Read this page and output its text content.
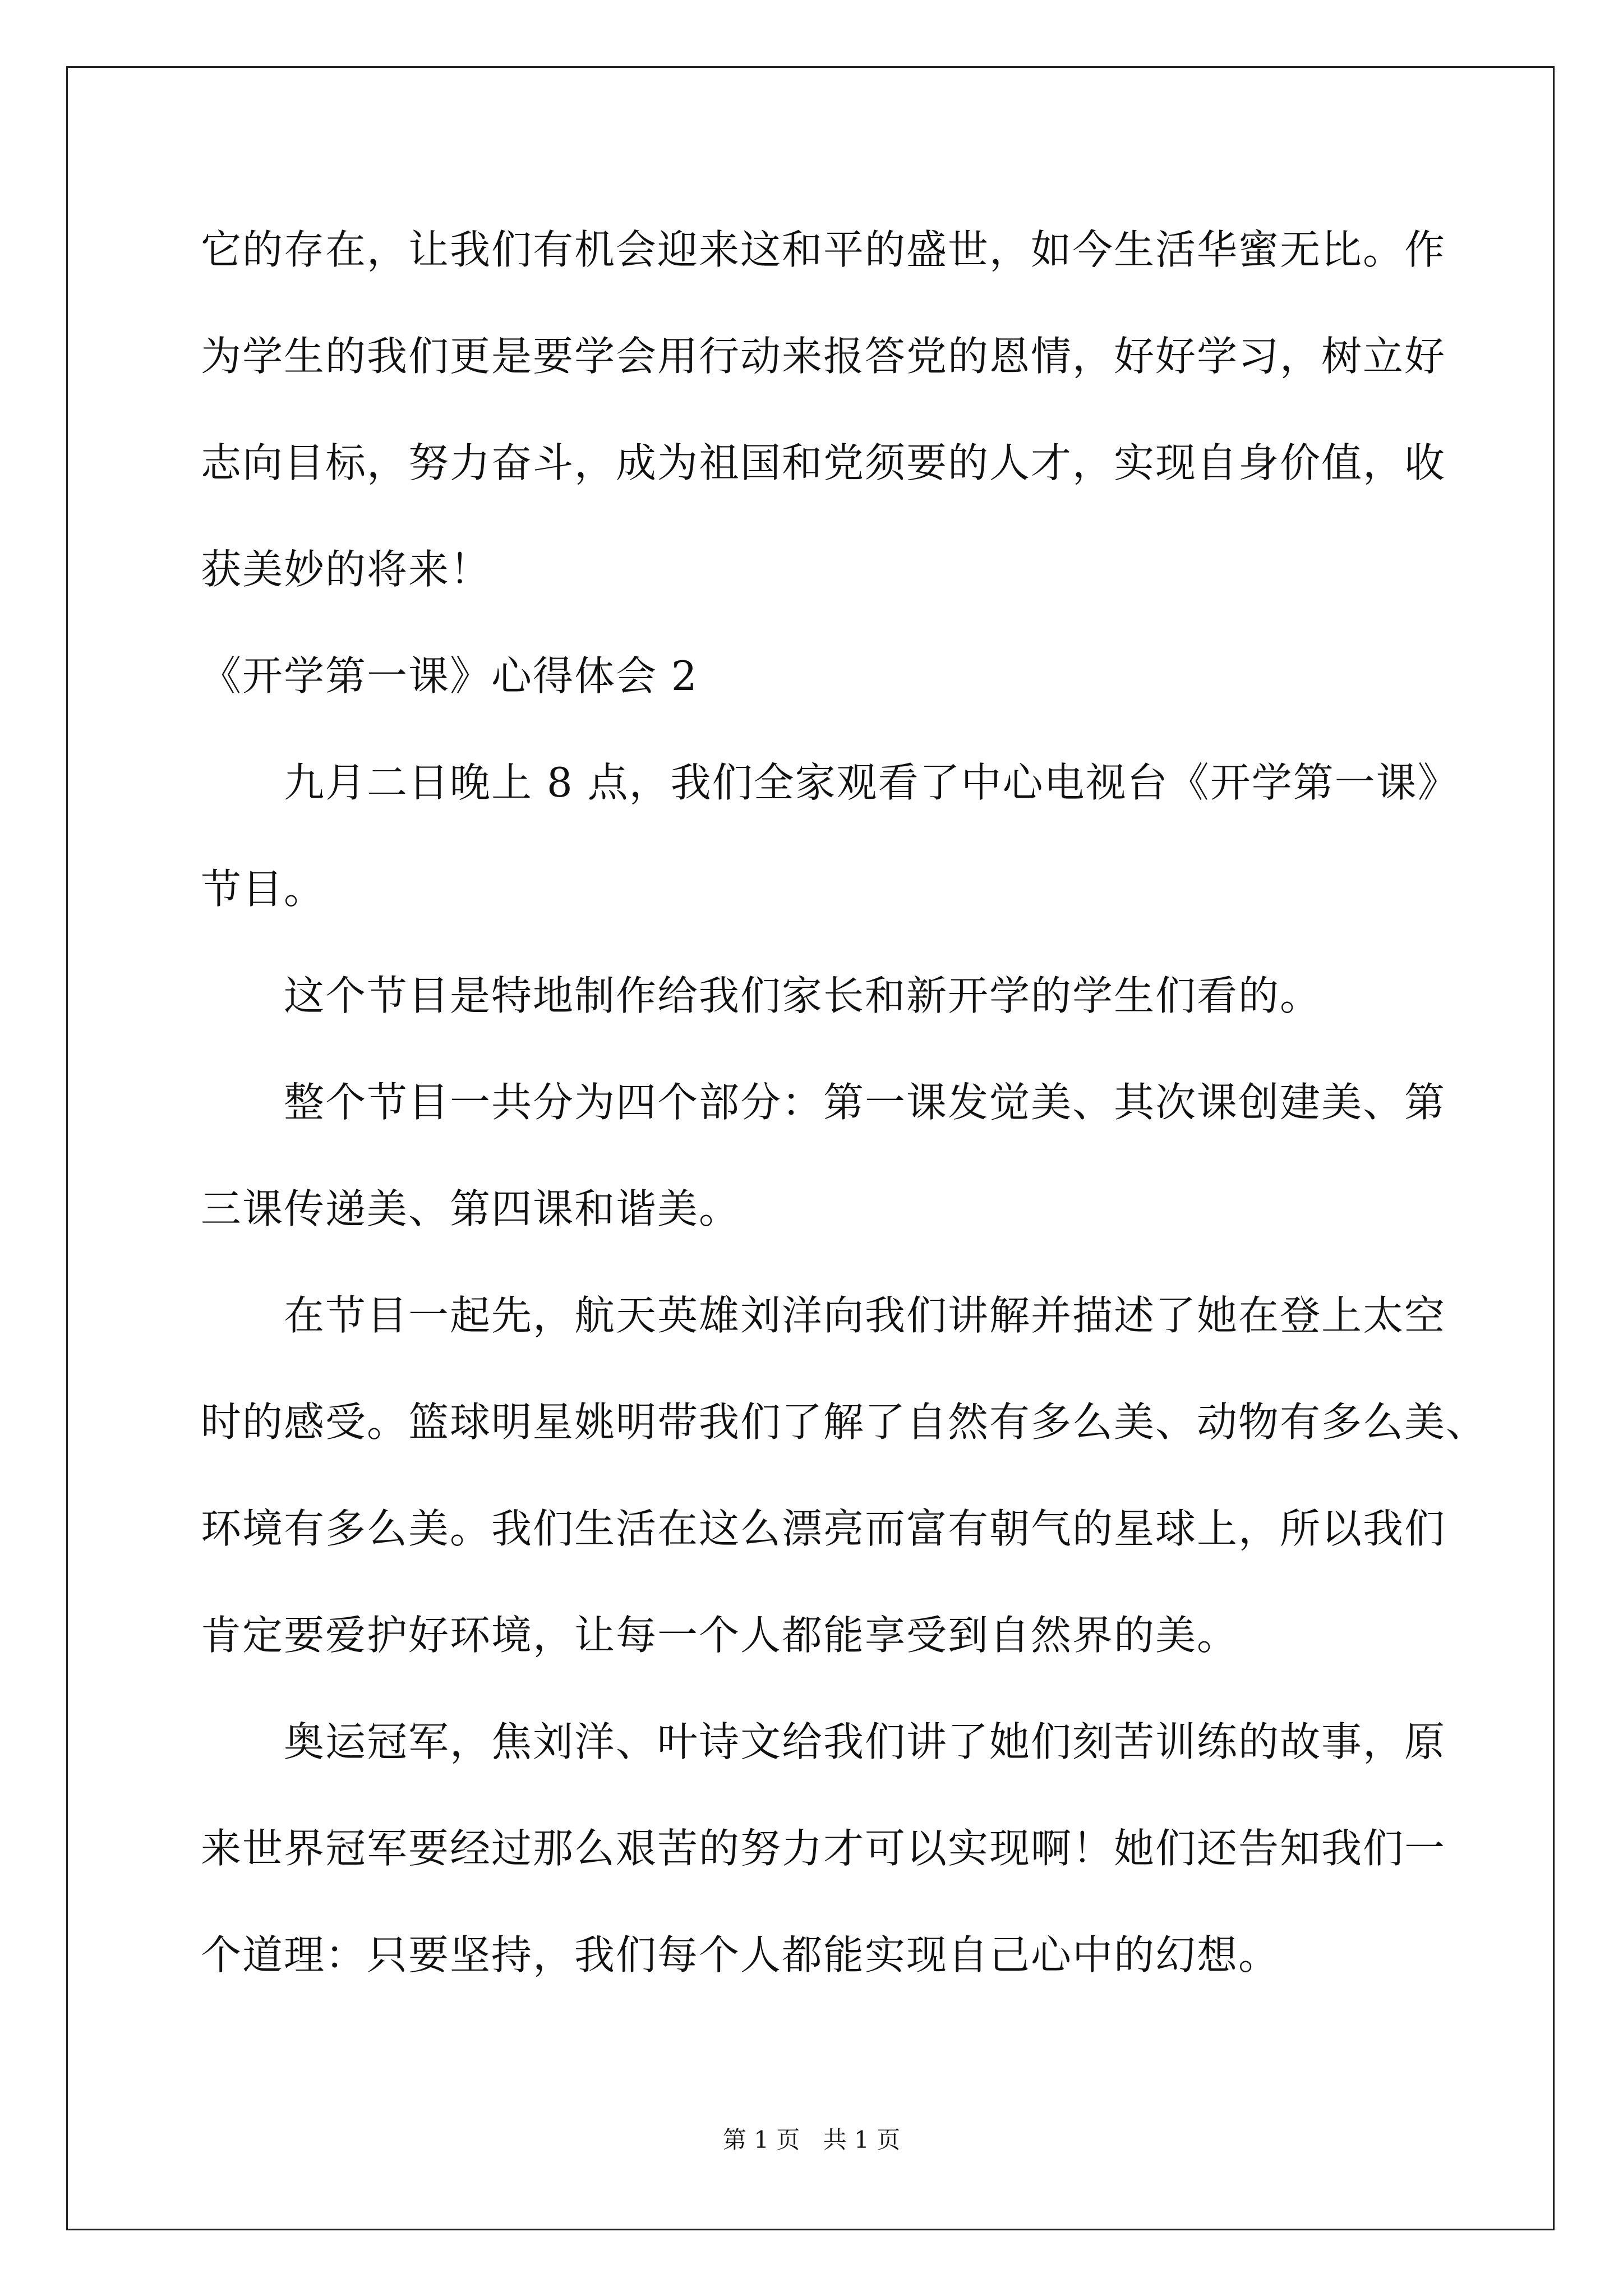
它的存在，让我们有机会迎来这和平的盛世，如今生活华蜜无比。作
为学生的我们更是要学会用行动来报答党的恩情，好好学习，树立好
志向目标，努力奋斗，成为祖国和党须要的人才，实现自身价值，收
获美妙的将来！
《开学第一课》心得体会 2
九月二日晚上 8 点，我们全家观看了中心电视台《开学第一课》
节目。
这个节目是特地制作给我们家长和新开学的学生们看的。
整个节目一共分为四个部分：第一课发觉美、其次课创建美、第
三课传递美、第四课和谐美。
在节目一起先，航天英雄刘洋向我们讲解并描述了她在登上太空
时的感受。篮球明星姚明带我们了解了自然有多么美、动物有多么美、
环境有多么美。我们生活在这么漂亮而富有朝气的星球上，所以我们
肯定要爱护好环境，让每一个人都能享受到自然界的美。
奥运冠军，焦刘洋、叶诗文给我们讲了她们刻苦训练的故事，原
来世界冠军要经过那么艰苦的努力才可以实现啊！她们还告知我们一
个道理：只要坚持，我们每个人都能实现自己心中的幻想。
第 1 页 共 1 页
